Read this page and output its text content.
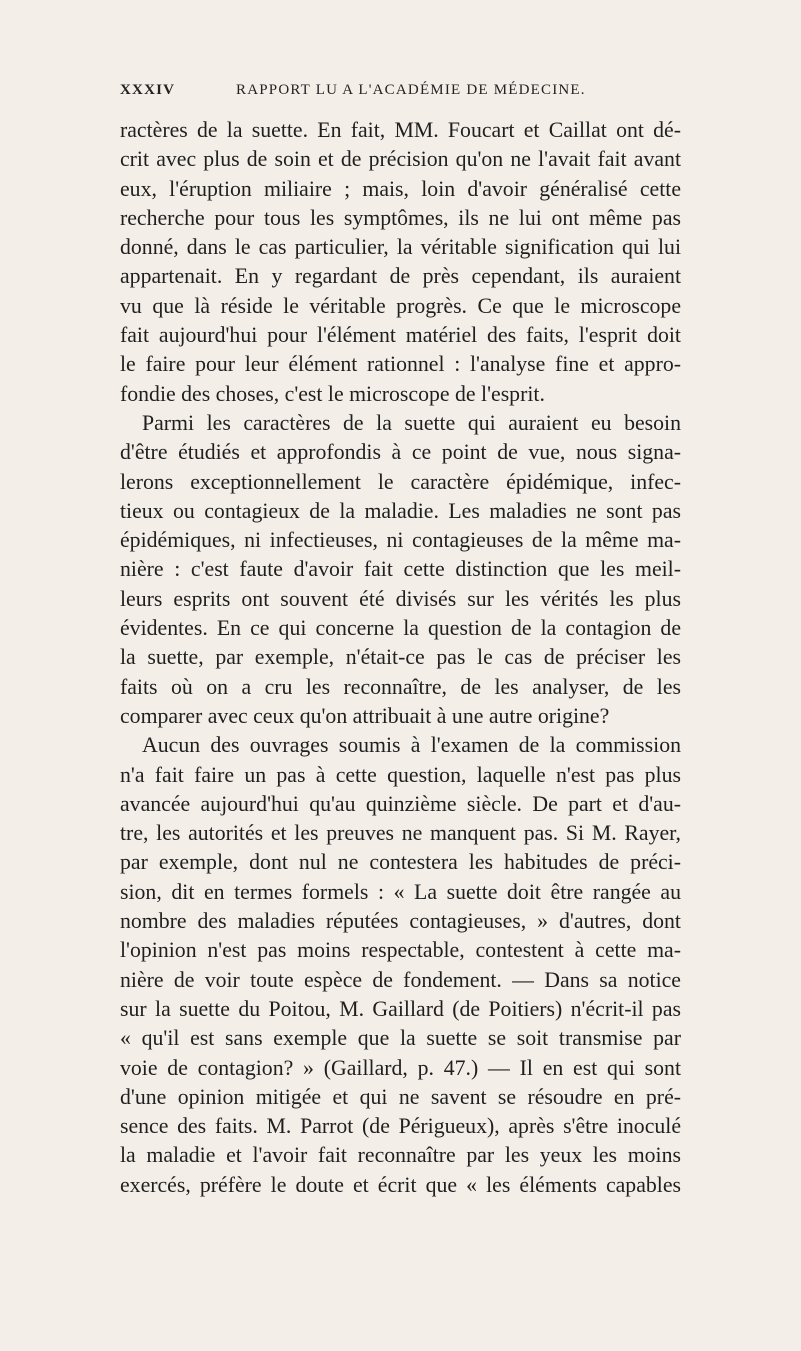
XXXIV	RAPPORT LU A L'ACADÉMIE DE MÉDECINE.
ractères de la suette. En fait, MM. Foucart et Caillat ont dé-
crit avec plus de soin et de précision qu'on ne l'avait fait avant
eux, l'éruption miliaire ; mais, loin d'avoir généralisé cette
recherche pour tous les symptômes, ils ne lui ont même pas
donné, dans le cas particulier, la véritable signification qui lui
appartenait. En y regardant de près cependant, ils auraient
vu que là réside le véritable progrès. Ce que le microscope
fait aujourd'hui pour l'élément matériel des faits, l'esprit doit
le faire pour leur élément rationnel : l'analyse fine et appro-
fondie des choses, c'est le microscope de l'esprit.
Parmi les caractères de la suette qui auraient eu besoin
d'être étudiés et approfondis à ce point de vue, nous signa-
lerons exceptionnellement le caractère épidémique, infec-
tieux ou contagieux de la maladie. Les maladies ne sont pas
épidémiques, ni infectieuses, ni contagieuses de la même ma-
nière : c'est faute d'avoir fait cette distinction que les meil-
leurs esprits ont souvent été divisés sur les vérités les plus
évidentes. En ce qui concerne la question de la contagion de
la suette, par exemple, n'était-ce pas le cas de préciser les
faits où on a cru les reconnaître, de les analyser, de les
comparer avec ceux qu'on attribuait à une autre origine?
Aucun des ouvrages soumis à l'examen de la commission
n'a fait faire un pas à cette question, laquelle n'est pas plus
avancée aujourd'hui qu'au quinzième siècle. De part et d'au-
tre, les autorités et les preuves ne manquent pas. Si M. Rayer,
par exemple, dont nul ne contestera les habitudes de préci-
sion, dit en termes formels : « La suette doit être rangée au
nombre des maladies réputées contagieuses, » d'autres, dont
l'opinion n'est pas moins respectable, contestent à cette ma-
nière de voir toute espèce de fondement. — Dans sa notice
sur la suette du Poitou, M. Gaillard (de Poitiers) n'écrit-il pas
« qu'il est sans exemple que la suette se soit transmise par
voie de contagion? » (Gaillard, p. 47.) — Il en est qui sont
d'une opinion mitigée et qui ne savent se résoudre en pré-
sence des faits. M. Parrot (de Périgueux), après s'être inoculé
la maladie et l'avoir fait reconnaître par les yeux les moins
exercés, préfère le doute et écrit que « les éléments capables
